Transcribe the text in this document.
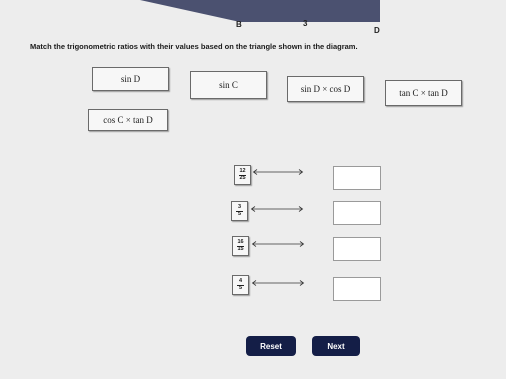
B	3
D
Match the trigonometric ratios with their values based on the triangle shown in the diagram.
sin D
sin C	sin D × cos D	tan C × tan D
cos C × tan D
$\frac{12}{25}$
$\frac{3}{5}$
$\frac{16}{15}$
$\frac{4}{5}$
Reset	Next
